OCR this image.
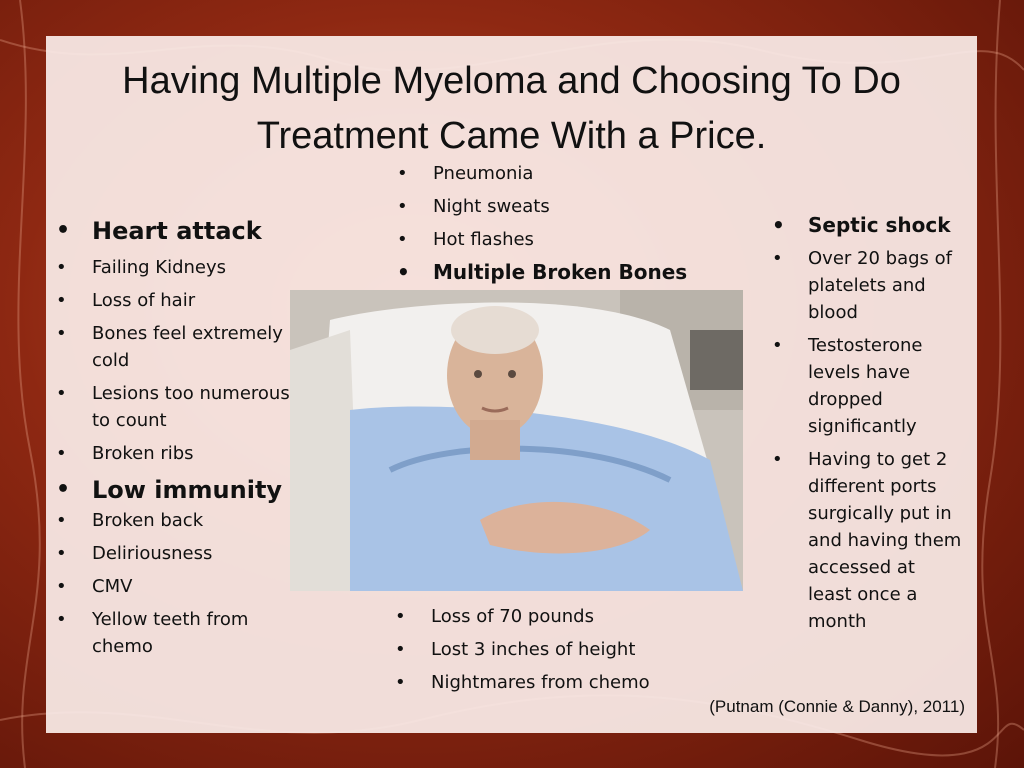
Having Multiple Myeloma and Choosing To Do Treatment Came With a Price.
• Heart attack
• Failing Kidneys
• Loss of hair
• Bones feel extremely cold
• Lesions too numerous to count
• Broken ribs
• Low immunity
• Broken back
• Deliriousness
• CMV
• Yellow teeth from chemo
• Pneumonia
• Night sweats
• Hot flashes
• Multiple Broken Bones
• Septic shock
• Over 20 bags of platelets and blood
• Testosterone levels have dropped significantly
• Having to get 2 different ports surgically put in and having them accessed at least once a month
• Loss of 70 pounds
• Lost 3 inches of height
• Nightmares from chemo
(Putnam (Connie & Danny), 2011)
